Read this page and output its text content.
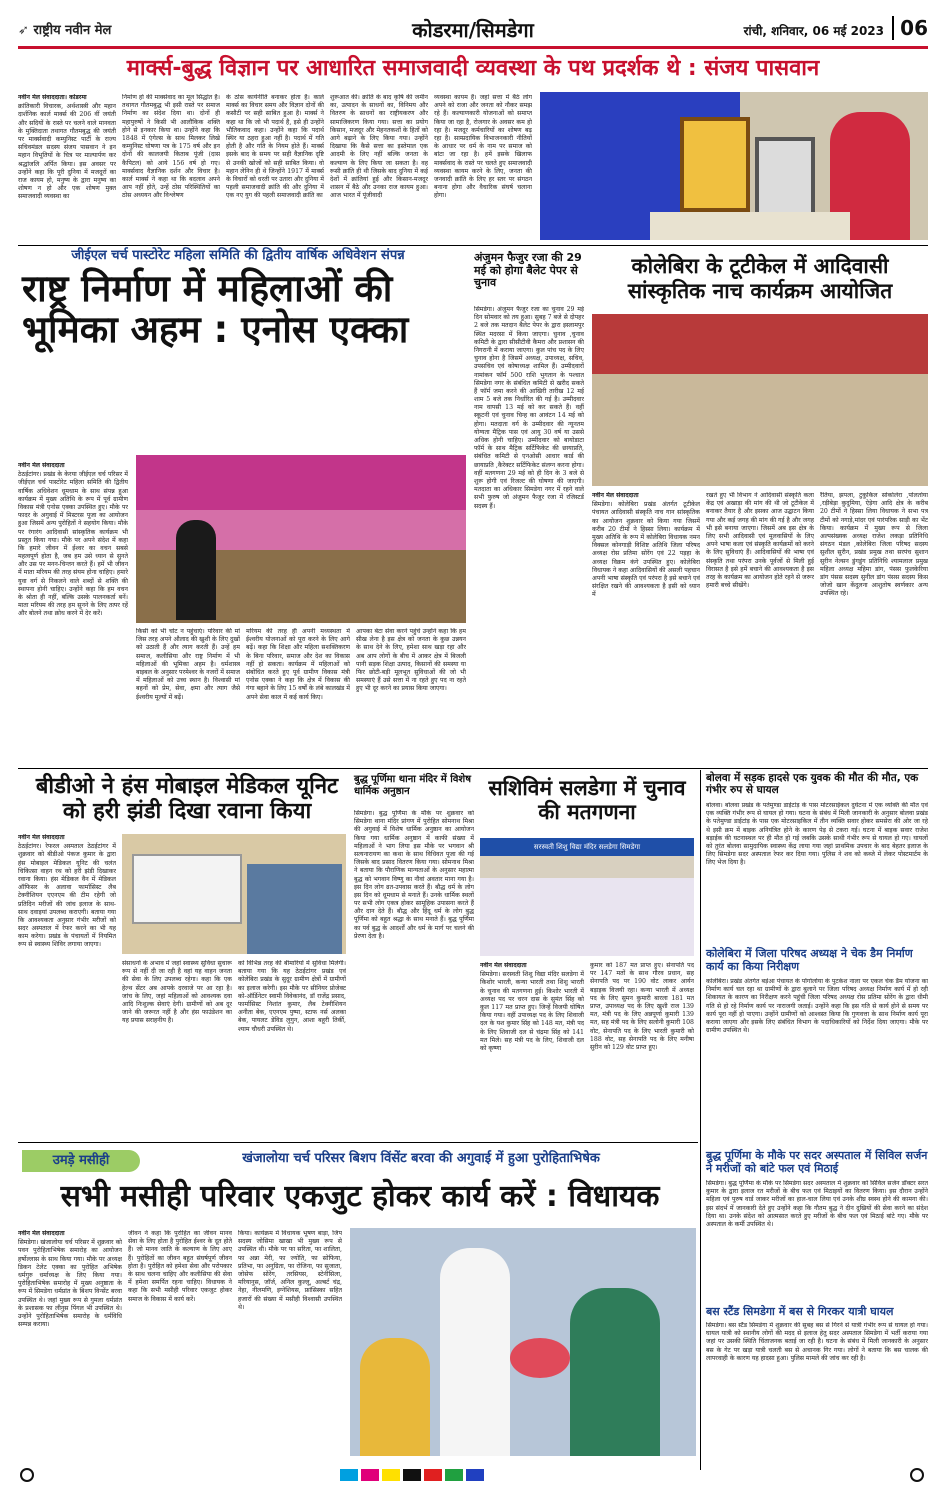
➶ राष्ट्रीय नवीन मेल	कोडरमा/सिमडेगा	रांची, शनिवार, 06 मई 2023 06
मार्क्स-बुद्ध विज्ञान पर आधारित समाजवादी व्यवस्था के पथ प्रदर्शक थे : संजय पासवान
नवीन मेल संवाददाता। कोडरमा
क्रांतिकारी विचारक, अर्थशास्त्री और महान दार्शनिक कार्ल मार्क्स की 206 वीं जयंती और सदियों के रास्ते पर चलने वाले मानवता के मुक्तिदाता तथागत गौतमबुद्ध की जयंती पर मार्क्सवादी कम्युनिस्ट पार्टी के राज्य सचिवमंडल सदस्य संजय पासवान ने इन महान विभूतियों के चित्र पर माल्यार्पण कर श्रद्धांजलि अर्पित किया। इस अवसर पर उन्होंने कहा कि पूरी दुनिया में मजदूरों का राज कायम हो, मनुष्य के द्वारा मनुष्य का शोषण न हो और एक शोषण मुक्त समाजवादी व्यवस्था का
निर्माण हो की मार्क्सवाद का मूल सिद्धांत है। तथागत गौतमबुद्ध भी इसी रास्ते पर समाज निर्माण का संदेश दिया था। दोनों ही महापुरुषों ने किसी भी आलौकिक शक्ति होने से इनकार किया था। उन्होंने कहा कि 1848 में एंगेल्स के साथ मिलकर लिखे कम्युनिस्ट घोषणा पत्र के 175 वर्ष और इन दोनों की कालजयी किताब पूंजी (दास कैपिटल) को आये 156 वर्ष हो गए। मार्क्सवाद वैज्ञानिक दर्शन और विचार है। कार्ल मार्क्स ने कहा था कि बदलाव अपने आप नहीं होते, उन्हें ठोस परिस्थितियों का ठोस अध्ययन और विश्लेषण
के ठोस कार्यनीति बनाकर होता है। कार्ल मार्क्स का विचार समय और विज्ञान दोनों की कसौटी पर सही साबित हुआ है। मार्क्स ने कहा था कि जो भी पदार्थ है, इसे ही उन्होंने भौतिकवाद कहा। उन्होंने कहा कि पदार्थ स्थिर या ठहरा हुआ नहीं है। पदार्थ में गति होती है और गति के नियम होते हैं। मार्क्स इसके बाद के समय पर सही वैज्ञानिक दृष्टि से उनकी खोजों को सही साबित किया। वो महान लेनिन ही थे जिन्होंने 1917 में मार्क्स के विचारों को धरती पर उतारा और दुनिया में पहली समाजवादी क्रांति की और दुनिया में एक नए युग की पहली समाजवादी क्रांति का
शुरूआत की। क्रांति के बाद कृषि की जमीन का, उत्पादन के साधनों का, विनिमय और वितरण के साधनों का राष्ट्रीयकरण और सामाजिकरण किया गया। सत्ता का प्रयोग किसान, मजदूर और मेहनतकशों के हितों को आगे बढ़ाने के लिए किया गया। उन्होंने दिखाया कि कैसे सत्ता का इस्तेमाल एक आदमी के लिए नहीं बल्कि जनता के कल्याण के लिए किया जा सकता है। वह रूसी क्रांति ही थी जिसके बाद दुनिया में कई देशों में क्रांतियां हुई और किसान-मजदूर शासन में बैठे और उनका राज कायम हुआ। आज भारत में पूंजीवादी
व्यवस्था कायम है। जहां सत्ता में बैठे लोग अपने को राजा और जनता को नौकर समझ रहे हैं। कल्याणकारी योजनाओं को समाप्त किया जा रहा है, रोजगार के अवसर कम हो रहा है। मजदूर कर्मचारियों का शोषण बढ़ रहा है। साम्प्रदायिक विभाजनकारी नीतियों के आधार पर धर्म के नाम पर समाज को बांटा जा रहा है। हमें इसके खिलाफ मार्क्सवाद के रास्ते पर चलते हुए समाजवादी व्यवस्था कायम करने के लिए, जनता की जनवादी क्रांति के लिए हर स्तर पर संगठन बनाना होगा और वैचारिक संघर्ष चलाना होगा।
जीईएल चर्च पास्टोरेट महिला समिति की द्वितीय वार्षिक अधिवेशन संपन्न
राष्ट्र निर्माण में महिलाओं की भूमिका अहम : एनोस एक्का
नवीन मेल संवाददाता
ठेठईटांगर। प्रखंड के केरया जीईएल चर्च परिसर में जीईएल चर्च पास्टोरेट महिला समिति की द्वितीय वार्षिक अधिवेशन धूमधाम के साथ संपन्न हुआ कार्यक्रम में मुख्य अतिथि के रूप में पूर्व ग्रामीण विकास मंत्री एनोस एक्का उपस्थित हुए। मौके पर फादर के अगुवाई में मिस्टरस पूजा का आयोजन हुआ जिसमें अन्य पुरोहितों ने सहयोग किया। मौके पर रंगारंग आदिवासी सांस्कृतिक कार्यक्रम भी प्रस्तुत किया गया। मौके पर अपने संदेश में कहा कि हमारे जीवन में ईश्वर का वचन सबसे महत्वपूर्ण होता है, जब हम उसे ध्यान से सुनते और उस पर मनन-चिन्तन करते हैं। हमें भी जीवन में माता मरियम की तरह संयम होना चाहिए। हमारे युवा वर्ग से निकलने वाले शब्दों से शक्ति की स्थापना होनी चाहिए। उन्होंने कहा कि हम वचन के श्रोता ही नहीं, बल्कि उसके पालनकर्ता बनें। माता मरियम की तरह हम सुनने के लिए तत्पर रहें और बोलने तथा क्रोध करने में देर करें।
किसी को भी चोट न पहुंचाएं। परिवार की मां जिस तरह अपने औलाद की खुशी के लिए दुखों को उठाती हैं और त्याग करती हैं। उन्हें हम समाज, कलीसिया और राष्ट्र निर्माण में भी महिलाओं की भूमिका अहम है। धर्मशास्त्र बाइबल के अनुसार परमेश्वर के नजरों में समाज में महिलाओं को उच्च स्थान है। विश्वासी मां बहनों को प्रेम, सेवा, क्षमा और त्याग जैसे ईश्वरीय मूल्यों में बढ़ें।
मरियम की तरह ही अपनी मध्यस्थता में ईश्वरीय योजनाओं को पूरा करने के लिए आगे बढ़ें। कहा कि शिक्षा और महिला सशक्तिकरण के बिना परिवार, समाज और देश का विकास नहीं हो सकता। कार्यक्रम में महिलाओं को संबोधित करते हुए पूर्व ग्रामीण विकास मंत्री एनोस एक्का ने कहा कि क्षेत्र में विकास की गंगा बहाने के लिए 15 वर्षों के लंबे कालखंड में अपने सेवा काल में कई कार्य किए।
आपका बेटा सेवा करने पहुंचे उन्होंने कहा कि हम सीख लेना है इस क्षेत्र को जनता के कुछ उन्नयन के साथ देने के लिए, हमेशा साथ खड़ा रहा और अब आप लोगों के बीच में आकर क्षेत्र में बिजली पानी सड़क शिक्षा उत्पाद, किसानों की समस्या या फिर छोटी-बड़ी मूलभूत सुविधाओं की जो भी समस्याएं हैं उसे सत्ता में ना रहते हुए पद ना रहते हुए भी दूर करने का प्रयास किया जाएगा।
अंजुमन फैजुर रजा की 29 मई को होगा बैलेट पेपर से चुनाव
सिमडेगा। अंजुमन फैजुर रजा का चुनाव 29 मई दिन सोमवार को तय हुआ। सुबह 7 बजे से दोपहर 2 बजे तक मतदान बैलेट पेपर के द्वारा इस्लामपुर स्थित मदरसा में किया जाएगा। चुनाव ,चुनाव कमिटी के द्वारा सीसीटीवी कैमरा और प्रशासन की निगरानी में कराया जाएगा। कुल पांच पद के लिए चुनाव होना है जिसमें अध्यक्ष, उपाध्यक्ष, सचिव, उपसचिव एवं कोषाध्यक्ष शामिल हैं। उम्मीदवारों नामांकन फॉर्म 500 राशि भुगतान के पश्चात सिमडेगा नगर के संबंधित कमिटी से खरीद सकते हैं फॉर्म जमा करने की आखिरी तारीख 12 मई शाम 5 बजे तक निर्धारित की गई है। उम्मीदवार नाम वापसी 13 मई को कर सकते हैं। वहीं स्कूटनी एवं चुनाव चिन्ह का आवंटन 14 मई को होगा। मतदाता वर्ग के उम्मीदवार की न्यूनतम योग्यता मैट्रिक पास एवं आयु 30 वर्ष या उससे अधिक होनी चाहिए। उम्मीदवार को बायोडाटा फॉर्म के साथ मैट्रिक सर्टिफिकेट की छायाप्रति, संबंधित कमिटी से एनओसी आधार कार्ड की छायाप्रति ,कैरेक्टर सर्टिफिकेट संलग्न करना होगा। वहीं मतगणना 29 मई को ही दिन के 3 बजे से शुरू होगी एवं रिजल्ट की घोषणा की जाएगी। मतदाता का अधिकार सिमडेगा नगर में रहने वाले सभी फुरुष जो अंजुमन फैजुर रजा में रजिस्टर्ड सदस्य हैं।
कोलेबिरा के टूटीकेल में आदिवासी सांस्कृतिक नाच कार्यक्रम आयोजित
नवीन मेल संवाददाता
सिमडेगा। कोलेबिरा प्रखंड अंतर्गत टूटीकेल पंचायत आदिवासी संस्कृति नाच गान सांस्कृतिक का आयोजन शुक्रवार को किया गया जिसमें करीब 20 टीमों ने हिस्सा लिया। कार्यक्रम में मुख्य अतिथि के रूप में कोलेबिरा विधायक नमन विक्सल कोनगाड़ी विशिष्ट अतिथि जिला परिषद अध्यक्ष रोस प्रतिमा सोरेंग एवं 22 पड़हा के अध्यक्ष विक्रम कंगे उपस्थित हुए। कोलेबिरा विधायक ने कहा आदिवासियों की असली पहचान अपनी भाषा संस्कृति एवं परंपरा है इसे बचाने एवं संरक्षित रखने की आवश्यकता है इसी को ध्यान में
रखते हुए भी विभाग ने आदिवासी संस्कृति कला केंद्र एवं अखाड़ा की मांग की थी जो टूटीकेल में बनाकर तैयार है और इसका आज उद्घाटन किया गया और कई जगह की मांग की गई है और जगह भी इसे बनाया जाएगा। जिसमें अब इस क्षेत्र के लिए सभी आदिवासी एवं मूलवासियों के लिए अपने भाषा कला एवं संस्कृति कार्यक्रमों को करने के लिए सुविधाएं हैं। आदिवासियों की भाषा एवं संस्कृति तथा परंपरा उनके पूर्वजों से मिली हुई विरासत है इसे हमें बचाने की आवश्यकता है इस तरह के कार्यक्रम का आयोजन होते रहने से जरूर हमारी बच्चे सीखेंगे।
रैतिया, झपला, टुकुकिल सोकोलेरा ,पोलतोया ,रड़ीबेड़ा कुदुमिया, ऐड़ेगा आदि क्षेत्र के करीब 20 टीमों ने हिस्सा लिया विधायक ने सभा पत्र टीमों को नगाड़े,मांदर एवं पारंपरिक साड़ी का भेंट किया। कार्यक्रम में मुख्य रूप से जिला अल्पसंख्यक अध्यक्ष राजेश लकड़ा प्रतिनिधि संगठन मंडल ,कोलेबिरा जिला परिषद सदस्य सुशील सुरीन, प्रखंड प्रमुख तथा सरपंच सुशान सुरीन नेल्सन डुंगडुंग प्रतिनिधि श्यामलाल प्रमुख महिला अध्यक्ष महिमा डांग, पंसस फुलकेरिया डांग पंसस सदस्य सुनील डांग पंसस सदस्य किस जोजो खान केंदुलना आशुतोष स्वर्णकार अन्य उपस्थित रहे।
बीडीओ ने हंस मोबाइल मेडिकल यूनिट को हरी झंडी दिखा रवाना किया
नवीन मेल संवाददाता
ठेठईटांगर। रेफरल अस्पताल ठेठईटांगर में शुक्रवार को बीडीओ पंकज कुमार के द्वारा हंस मोबाइल मेडिकल यूनिट की चलंत चिकित्सा वाहन रथ को हरी झंडी दिखाकर रवाना किया। हंस मेडिकल वैन में मेडिकल ऑफिसर के अलावा फार्मासिस्ट लैब टेक्नीशियन एएनएम की टीम रहेगी जो प्रतिदिन मरीजों की जांच इलाज के साथ-साथ दवाइयां उपलब्ध कराएगी। बताया गया कि आवश्यकता अनुसार गंभीर मरीजों को सदर अस्पताल में रेफर करने का भी यह काम करेगा। प्रखंड के पंचायतों में नियमित रूप से स्वास्थ्य शिविर लगाया जाएगा।
संसाधनों के अभाव में जहां स्वास्थ्य सुविधा सुचारू रूप से नहीं दी जा रही है वहां यह वाहन जनता की सेवा के लिए उपलब्ध रहेगा। कहा कि एक हेल्थ सेंटर अब आपके दरवाजे पर आ रहा है। जांच के लिए, जहां महिलाओं को आवश्यक दवा आदि निःशुल्क सेवाएं देगी। ग्रामीणों को अब दूर जाने की जरूरत नहीं है और हंस फाउंडेशन का यह प्रयास सराहनीय है।
को विभिन्न तरह की बीमारियों में सुविधा मिलेगी। बताया गया कि यह ठेठईटांगर प्रखंड एवं कोलेबिरा प्रखंड के सुदूर ग्रामीण क्षेत्रों में ग्रामीणों का इलाज करेगी। इस मौके पर सीनियर प्रोजेक्ट को-ऑर्डिनेटर स्वामी विवेकानंद, डॉ राजेंद्र प्रसाद, फार्मासिस्ट निशांत कुमार, लैब टेक्नीशियन अनीता बेक, एएनएम पुष्पा, स्टाफ नर्स अलका बेक, पायलट डेविड लुगुन, आशा बहूरी तिर्की, श्याम चौधरी उपस्थित थे।
बुद्ध पूर्णिमा थाना मंदिर में विशेष धार्मिक अनुष्ठान
सिमडेगा। बुद्ध पूर्णिमा के मौके पर शुक्रवार को सिमडेगा थाना मंदिर प्रांगण में पुरोहित सोमनाथ मिश्रा की अगुवाई में विशेष धार्मिक अनुष्ठान का आयोजन किया गया धार्मिक अनुष्ठान में काफी संख्या में महिलाओं ने भाग लिया इस मौके पर भगवान श्री सत्यनारायण का कथा के साथ विधिवत पूजा की गई जिसके बाद प्रसाद वितरण किया गया। सोमनाथ मिश्रा ने बताया कि पौराणिक मान्यताओं के अनुसार महात्मा बुद्ध को भगवान विष्णु का नौवां अवतार माना गया है। इस दिन लोग व्रत-उपवास करते हैं। बौद्ध धर्म के लोग इस दिन को धूमधाम से मनाते हैं। उनके धार्मिक स्थलों पर सभी लोग एकत्र होकर सामूहिक उपासना करते हैं और दान देते हैं। बौद्ध और हिंदू धर्म के लोग बुद्ध पूर्णिमा को बहुत श्रद्धा के साथ मनाते हैं। बुद्ध पूर्णिमा का पर्व बुद्ध के आदर्शों और धर्म के मार्ग पर चलने की प्रेरणा देता है।
सशिविमं सलडेगा में चुनाव की मतगणना
सरस्वती शिशु विद्या मंदिर सलडेगा सिमडेगा
नवीन मेल संवाददाता
सिमडेगा। सरस्वती शिशु विद्या मंदिर सलडेगा में किशोर भारती, कन्या भारती तथा शिशु भारती के चुनाव की मतगणना हुई। किशोर भारती में अध्यक्ष पद पर चरन दास के सुमंत सिंह को कुल 117 मत प्राप्त हुए। जिन्हें विजयी घोषित किया गया। वहीं उपाध्यक्ष पद के लिए शिवाजी दल के यश कुमार सिंह को 148 मत, मंत्री पद के लिए शिवाजी दल से चंद्रमा सिंह को 141 मत मिले। सह मंत्री पद के लिए, शिवाजी दल को कृष्णा
कुमार को 187 मत प्राप्त हुए। सेनापति पद पर 147 मतों के साथ गौरव प्रधान, सह सेनापति पद पर 190 वोट लाकर आर्यन बड़ाइक विजयी रहा। कन्या भारती में अध्यक्ष पद के लिए सुमन कुमारी बारला 181 मत प्राप्त, उपाध्यक्ष पद के लिए खुशी राज 139 मत, मंत्री पद के लिए अन्नपूर्णा कुमारी 139 मत, सह मंत्री पद के लिए सलोनी कुमारी 108 वोट, सेनापति पद के लिए भारती कुमारी को 188 वोट, सह सेनापति पद के लिए मनीषा सुरीन को 129 वोट प्राप्त हुए।
बोलवा में सड़क हादसे एक युवक की मौत की मौत, एक गंभीर रुप से घायल
बोलवा। बोलवा प्रखंड के पतेमुण्डा डाईटांड़ के पास मोटरसाईकल दुर्घटना में एक व्यक्ति की मौत एवं एक व्यक्ति गंभीर रूप से घायल हो गया। घटना के संबंध में मिली जानकारी के अनुसार बोलवा प्रखंड के पतेमुण्डा डाईटांड़ के पास एक मोटरसाइकिल में तीन व्यक्ति सवार होकर समसेरा की ओर जा रहे थे इसी क्रम में बाइक अनियंत्रित होने के कारण पेड़ से टकरा गई। घटना में बाइक सवार राजेश बड़ाईक की घटनास्थल पर ही मौत हो गई जबकि उसके साथी गंभीर रूप से घायल हो गए। घायलों को तुरंत बोलवा सामुदायिक स्वास्थ्य केंद्र लाया गया जहां प्राथमिक उपचार के बाद बेहतर इलाज के लिए सिमडेगा सदर अस्पताल रेफर कर दिया गया। पुलिस ने शव को कब्जे में लेकर पोस्टमार्टम के लिए भेज दिया है।
कोलेबिरा में जिला परिषद अध्यक्ष ने चेक डैम निर्माण कार्य का किया निरीक्षण
कोलेबिरा। प्रखंड अंतर्गत बड़ेआ पंचायत के पोंगोलोया के पुटकेश नाला पर एकल चेक डैम योजना का निर्माण कार्य चल रहा था ग्रामीणों के द्वारा बुलाने पर जिला परिषद अध्यक्ष निर्माण कार्य में हो रही शिकायत के कारण का निरीक्षण करने पहुंची जिला परिषद अध्यक्ष रोस प्रतिमा सोरेंग के द्वारा धीमी गति से हो रहे निर्माण कार्य पर नाराजगी जताई। उन्होंने कहा कि इस गति से कार्य होने से समय पर कार्य पूरा नहीं हो पाएगा। उन्होंने ग्रामीणों को आश्वस्त किया कि गुणवत्ता के साथ निर्माण कार्य पूरा कराया जाएगा और इसके लिए संबंधित विभाग के पदाधिकारियों को निर्देश दिया जाएगा। मौके पर ग्रामीण उपस्थित थे।
बुद्ध पूर्णिमा के मौके पर सदर अस्पताल में सिविल सर्जन ने मरीजों को बांटे फल एवं मिठाई
सिमडेगा। बुद्ध पूर्णिमा के मौके पर सिमडेगा सदर अस्पताल में शुक्रवार को सिविल सर्जन डॉक्टर सरत कुमार के द्वारा इलाज रत मरीजों के बीच फल एवं मिठाइयों का वितरण किया। इस दौरान उन्होंने महिला एवं पुरुष वार्ड जाकर मरीजों का हाल-चाल लिया एवं उनके शीघ्र स्वस्थ होने की कामना की। इस संदर्भ में जानकारी देते हुए उन्होंने कहा कि गौतम बुद्ध ने दीन दुखियों की सेवा करने का संदेश दिया था। उनके संदेश को आत्मसात करते हुए मरीजों के बीच फल एवं मिठाई बांटे गए। मौके पर अस्पताल के कर्मी उपस्थित थे।
बस स्टैंड सिमडेगा में बस से गिरकर यात्री घायल
सिमडेगा। बस स्टैंड सिमडेगा में शुक्रवार की सुबह बस से गिरने से यात्री गंभीर रूप से घायल हो गया। घायल यात्री को स्थानीय लोगों की मदद से इलाज हेतु सदर अस्पताल सिमडेगा में भर्ती कराया गया जहां पर उसकी स्थिति चिंताजनक बताई जा रही है। घटना के संबंध में मिली जानकारी के अनुसार बस के गेट पर खड़ा यात्री चलती बस से अचानक गिर गया। लोगों ने बताया कि बस चालक की लापरवाही के कारण यह हादसा हुआ। पुलिस मामले की जांच कर रही है।
उमड़े मसीही	खंजालोया चर्च परिसर बिशप विंसेंट बरवा की अगुवाई में हुआ पुरोहिताभिषेक
सभी मसीही परिवार एकजुट होकर कार्य करें : विधायक
नवीन मेल संवाददाता
सिमडेगा। खंजालोया चर्च परिसर में शुक्रवार को पवन पुरोहिताभिषेक समारोह का आयोजन हर्षोल्लास के साथ किया गया। मौके पर अध्यक्ष डिकन टेलेट एक्का का पुरोहित अभिषेक धर्मगुरु धर्माध्यक्ष के लिए किया गया। पुरोहिताभिषेक समारोह में मुख्य अनुष्ठाता के रूप में सिमडेगा धर्मप्रांत के बिशप विन्सेंट बरवा उपस्थित थे। जहां मुख्य रूप से गुमला धर्मप्रांत के प्रशासक फा लीनुस पिंगल भी उपस्थित थे। उन्होंने पुरोहिताभिषेक समारोह के धर्मविधि सम्पन्न कराया।
जीवन ने कहा कि पुरोहित का जीवन मानव सेवा के लिए होता है पुरोहित ईश्वर के दूत होते हैं। जो मानव जाति के कल्याण के लिए आए हैं। पुरोहितों का जीवन बहुत संघर्षपूर्ण जीवन होता है। पुरोहित को हमेशा सेवा और परोपकार के साथ चलना चाहिए और कलीसिया की सेवा में हमेशा समर्पित रहना चाहिए। विधायक ने कहा कि सभी मसीही परिवार एकजुट होकर समाज के विकास में कार्य करें।
किया। कार्यक्रम में विधायक भूषण बाड़ा, जिप सदस्य जोसिमा खाखा भी मुख्य रूप से उपस्थित थी। मौके पर फा सरिता, फा शालिता, फा अन्ना मेरी, फा ज्योति, फा सोफिया, प्रतिभा, फा अनुग्रिता, फा रोजिना, फा सुजाता, जोसेफ सोरेंग, तरसियस, स्टेनीसिला, मरियानुस, जॉर्ज, अनिल कुल्लू, अल्बर्ट चंद्र, नेहा, नीलमणि, इग्नेशियस, फ्रांसिस्का सहित हजारों की संख्या में मसीही विश्वासी उपस्थित थे।
